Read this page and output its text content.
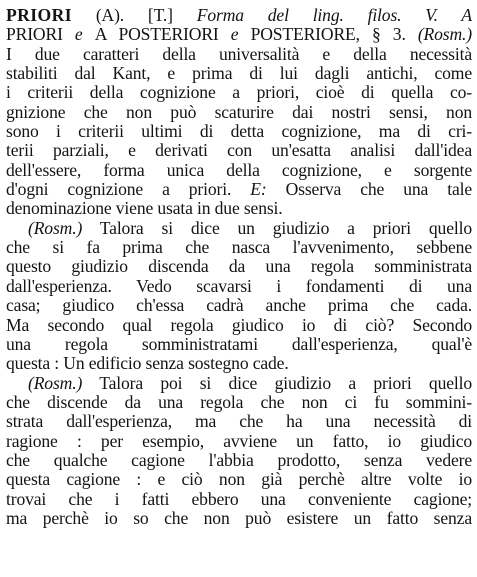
PRIORI (A). [T.] Forma del ling. filos. V. A
PRIORI e A POSTERIORI e POSTERIORE, § 3. (Rosm.)
I due caratteri della universalità e della necessità
stabiliti dal Kant, e prima di lui dagli antichi, come
i criterii della cognizione a priori, cioè di quella co-
gnizione che non può scaturire dai nostri sensi, non
sono i criterii ultimi di detta cognizione, ma di cri-
terii parziali, e derivati con un'esatta analisi dall'idea
dell'essere, forma unica della cognizione, e sorgente
d'ogni cognizione a priori. E: Osserva che una tale
denominazione viene usata in due sensi.
(Rosm.) Talora si dice un giudizio a priori quello
che si fa prima che nasca l'avvenimento, sebbene
questo giudizio discenda da una regola somministrata
dall'esperienza. Vedo scavarsi i fondamenti di una
casa; giudico ch'essa cadrà anche prima che cada.
Ma secondo qual regola giudico io di ciò? Secondo
una regola somministratami dall'esperienza, qual'è
questa : Un edificio senza sostegno cade.
(Rosm.) Talora poi si dice giudizio a priori quello
che discende da una regola che non ci fu sommini-
strata dall'esperienza, ma che ha una necessità di
ragione : per esempio, avviene un fatto, io giudico
che qualche cagione l'abbia prodotto, senza vedere
questa cagione : e ciò non già perchè altre volte io
trovai che i fatti ebbero una conveniente cagione;
ma perchè io so che non può esistere un fatto senza
